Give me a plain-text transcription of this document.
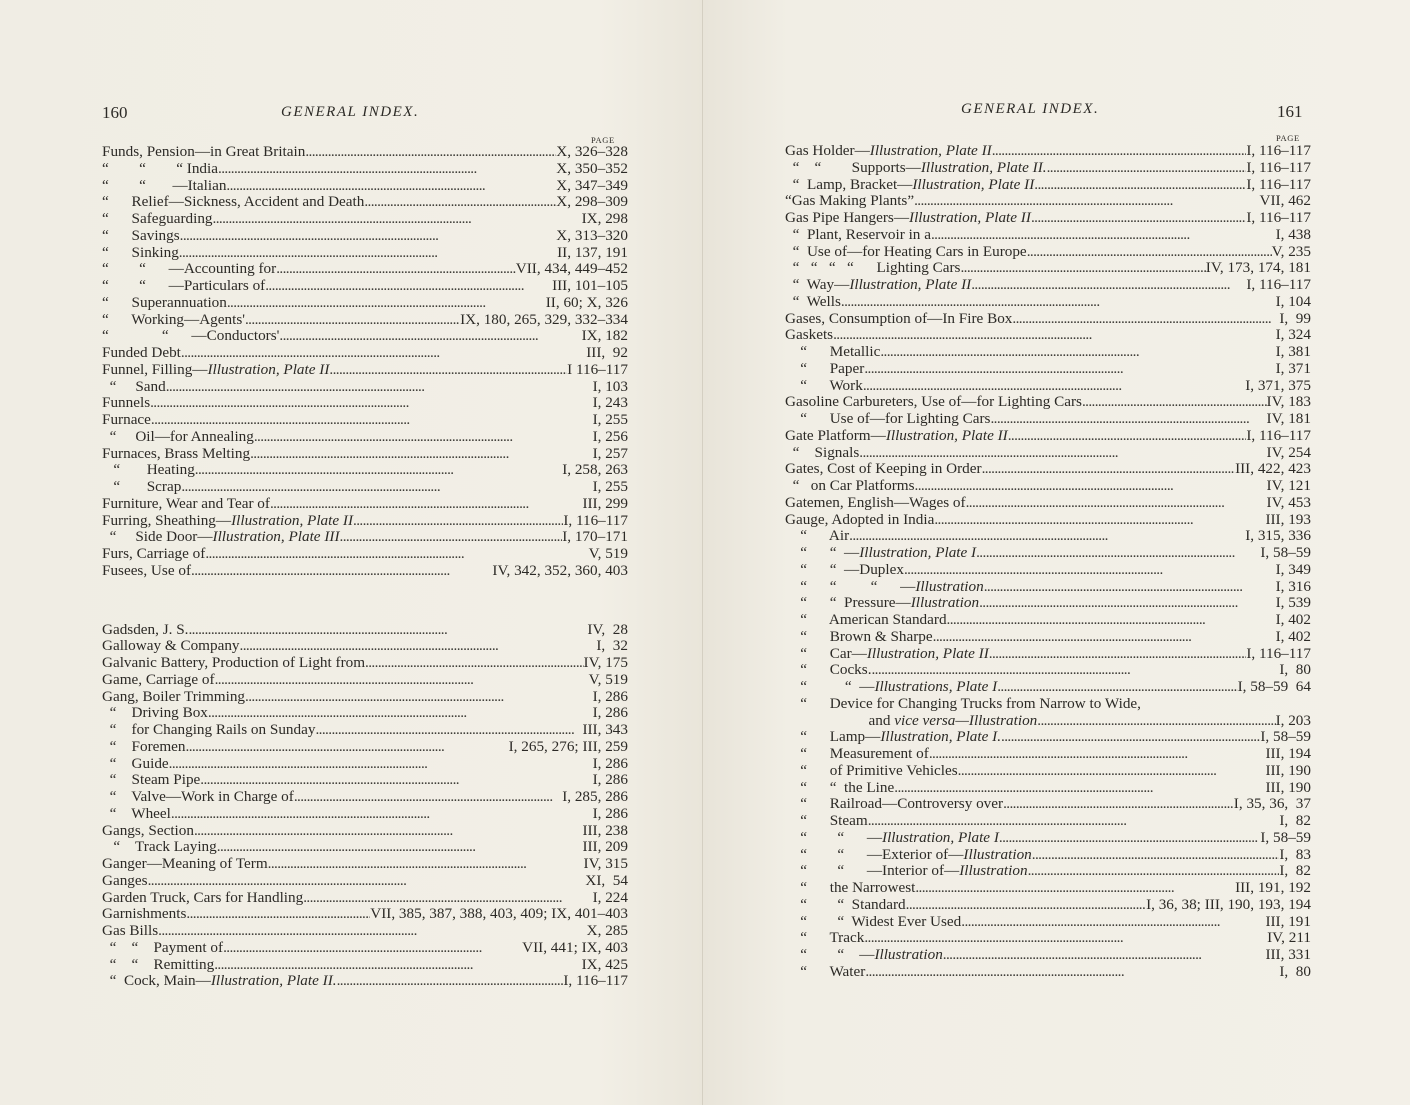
160	GENERAL INDEX.
PAGE
Funds, Pension—in Great Britain . . .	X, 326–328
“        “        “ India . . .	X, 350–352
“        “       —Italian . . .	X, 347–349
“      Relief—Sickness, Accident and Death . . .	X, 298–309
“      Safeguarding . . .	IX, 298
“      Savings . . .	X, 313–320
“      Sinking . . .	II, 137, 191
“        “      —Accounting for . . .	VII, 434, 449–452
“        “      —Particulars of . . .	III, 101–105
“      Superannuation . . .	II, 60; X, 326
“      Working—Agents' . . .	IX, 180, 265, 329, 332–334
“              “      —Conductors' . . .	IX, 182
Funded Debt . . .	III,  92
Funnel, Filling—Illustration, Plate II . . .	I 116–117
“     Sand . . .	I, 103
Funnels . . .	I, 243
Furnace . . .	I, 255
“     Oil—for Annealing . . .	I, 256
Furnaces, Brass Melting . . .	I, 257
“       Heating . . .	I, 258, 263
“       Scrap . . .	I, 255
Furniture, Wear and Tear of . . .	III, 299
Furring, Sheathing—Illustration, Plate II . . .	I, 116–117
“     Side Door—Illustration, Plate III . . .	I, 170–171
Furs, Carriage of . . .	V, 519
Fusees, Use of . . .	IV, 342, 352, 360, 403
Gadsden, J. S. . . .	IV,  28
Galloway & Company . . .	I,  32
Galvanic Battery, Production of Light from . . .	IV, 175
Game, Carriage of . . .	V, 519
Gang, Boiler Trimming . . .	I, 286
“    Driving Box . . .	I, 286
“    for Changing Rails on Sunday . . .	III, 343
“    Foremen . . .	I, 265, 276; III, 259
“    Guide . . .	I, 286
“    Steam Pipe . . .	I, 286
“    Valve—Work in Charge of . . .	I, 285, 286
“    Wheel . . .	I, 286
Gangs, Section . . .	III, 238
“    Track Laying . . .	III, 209
Ganger—Meaning of Term . . .	IV, 315
Ganges . . .	XI,  54
Garden Truck, Cars for Handling . . .	I, 224
Garnishments . . .	VII, 385, 387, 388, 403, 409; IX, 401–403
Gas Bills . . .	X, 285
“    “    Payment of . . .	VII, 441; IX, 403
“    “    Remitting . . .	IX, 425
“  Cock, Main—Illustration, Plate II. . . .	I, 116–117
GENERAL INDEX.	161
PAGE
Gas Holder—Illustration, Plate II . . .	I, 116–117
“    “        Supports—Illustration, Plate II. . . .	I, 116–117
“  Lamp, Bracket—Illustration, Plate II . . .	I, 116–117
“Gas Making Plants” . . .	VII, 462
Gas Pipe Hangers—Illustration, Plate II . . .	I, 116–117
“  Plant, Reservoir in a . . .	I, 438
“  Use of—for Heating Cars in Europe . . .	V, 235
“   “   “   “      Lighting Cars . . .	IV, 173, 174, 181
“  Way—Illustration, Plate II . . .	I, 116–117
“  Wells . . .	I, 104
Gases, Consumption of—In Fire Box . . .	I,  99
Gaskets . . .	I, 324
“      Metallic . . .	I, 381
“      Paper . . .	I, 371
“      Work . . .	I, 371, 375
Gasoline Carbureters, Use of—for Lighting Cars . . .	IV, 183
“      Use of—for Lighting Cars . . .	IV, 181
Gate Platform—Illustration, Plate II . . .	I, 116–117
“    Signals . . .	IV, 254
Gates, Cost of Keeping in Order . . .	III, 422, 423
“   on Car Platforms . . .	IV, 121
Gatemen, English—Wages of . . .	IV, 453
Gauge, Adopted in India . . .	III, 193
“      Air . . .	I, 315, 336
“      “  —Illustration, Plate I . . .	I, 58–59
“      “  —Duplex . . .	I, 349
“      “         “      —Illustration . . .	I, 316
“      “  Pressure—Illustration . . .	I, 539
“      American Standard . . .	I, 402
“      Brown & Sharpe . . .	I, 402
“      Car—Illustration, Plate II . . .	I, 116–117
“      Cocks. . . .	I,  80
“          “  —Illustrations, Plate I . . .	I, 58–59  64
“      Device for Changing Trucks from Narrow to Wide,
and vice versa—Illustration . . .	I, 203
“      Lamp—Illustration, Plate I. . . .	I, 58–59
“      Measurement of . . .	III, 194
“      of Primitive Vehicles . . .	III, 190
“      “  the Line . . .	III, 190
“      Railroad—Controversy over . . .	I, 35, 36,  37
“      Steam . . .	I,  82
“        “      —Illustration, Plate I . . .	I, 58–59
“        “      —Exterior of—Illustration . . .	I,  83
“        “      —Interior of—Illustration . . .	I,  82
“      the Narrowest . . .	III, 191, 192
“        “  Standard . . .	I, 36, 38; III, 190, 193, 194
“        “  Widest Ever Used . . .	III, 191
“      Track . . .	IV, 211
“        “    —Illustration . . .	III, 331
“      Water . . .	I,  80
